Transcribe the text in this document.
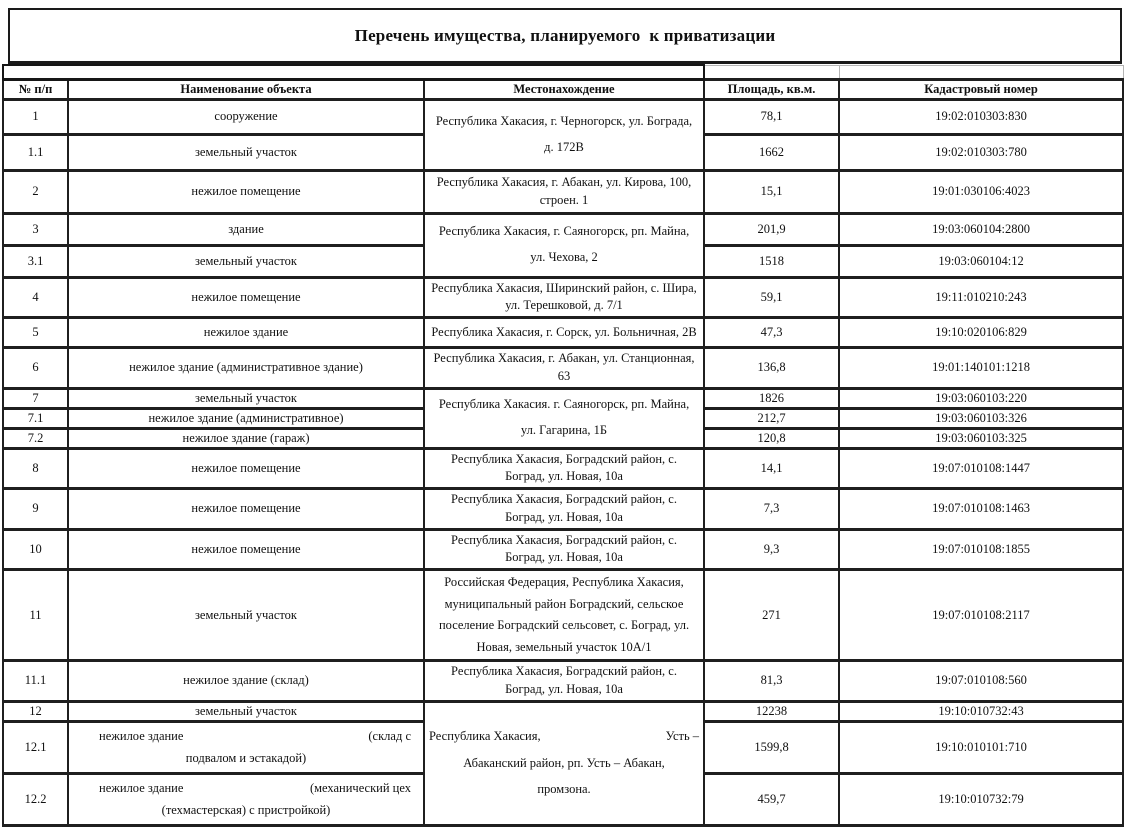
Перечень имущества, планируемого  к приватизации

№ п/п	Наименование объекта	Местонахождение	Площадь, кв.м.	Кадастровый номер
1	сооружение	Республика Хакасия, г. Черногорск, ул. Бограда, д. 172В	78,1	19:02:010303:830
1.1	земельный участок		1662	19:02:010303:780
2	нежилое помещение	Республика Хакасия, г. Абакан, ул. Кирова, 100, строен. 1	15,1	19:01:030106:4023
3	здание	Республика Хакасия, г. Саяногорск, рп. Майна, ул. Чехова, 2	201,9	19:03:060104:2800
3.1	земельный участок		1518	19:03:060104:12
4	нежилое помещение	Республика Хакасия, Ширинский район, с. Шира, ул. Терешковой, д. 7/1	59,1	19:11:010210:243
5	нежилое здание	Республика Хакасия, г. Сорск, ул. Больничная, 2В	47,3	19:10:020106:829
6	нежилое здание (административное здание)	Республика Хакасия, г. Абакан, ул. Станционная, 63	136,8	19:01:140101:1218
7	земельный участок	Республика Хакасия. г. Саяногорск, рп. Майна, ул. Гагарина, 1Б	1826	19:03:060103:220
7.1	нежилое здание (административное)		212,7	19:03:060103:326
7.2	нежилое здание (гараж)		120,8	19:03:060103:325
8	нежилое помещение	Республика Хакасия, Боградский район, с. Боград, ул. Новая, 10а	14,1	19:07:010108:1447
9	нежилое помещение	Республика Хакасия, Боградский район, с. Боград, ул. Новая, 10а	7,3	19:07:010108:1463
10	нежилое помещение	Республика Хакасия, Боградский район, с. Боград, ул. Новая, 10а	9,3	19:07:010108:1855
11	земельный участок	Российская Федерация, Республика Хакасия, муниципальный район Боградский, сельское поселение Боградский сельсовет, с. Боград, ул. Новая, земельный участок 10А/1	271	19:07:010108:2117
11.1	нежилое здание (склад)	Республика Хакасия, Боградский район, с. Боград, ул. Новая, 10а	81,3	19:07:010108:560
12	земельный участок	Республика Хакасия, Усть –
Абаканский район, рп. Усть – Абакан,
промзона.	12238	19:10:010732:43
12.1	нежилое здание (склад с
подвалом и эстакадой)		1599,8	19:10:010101:710
12.2	нежилое здание (механический цех
(техмастерская) с пристройкой)		459,7	19:10:010732:79
